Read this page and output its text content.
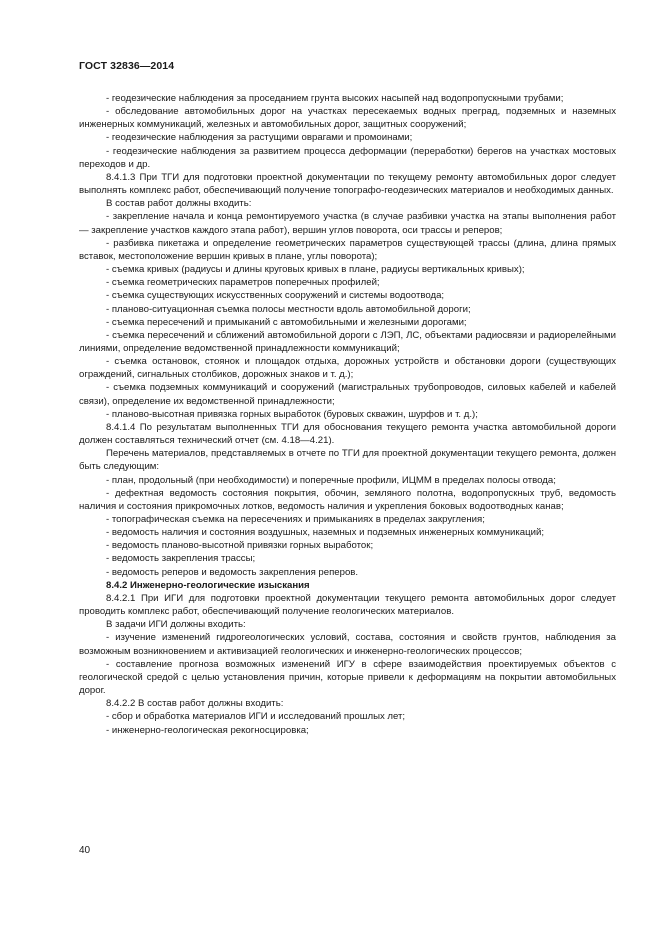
ГОСТ 32836—2014

- геодезические наблюдения за проседанием грунта высоких насыпей над водопропускными трубами;

- обследование автомобильных дорог на участках пересекаемых водных преград, подземных и наземных инженерных коммуникаций, железных и автомобильных дорог, защитных сооружений;

- геодезические наблюдения за растущими оврагами и промоинами;

- геодезические наблюдения за развитием процесса деформации (переработки) берегов на участках мостовых переходов и др.

8.4.1.3 При ТГИ для подготовки проектной документации по текущему ремонту автомобильных дорог следует выполнять комплекс работ, обеспечивающий получение топографо-геодезических материалов и необходимых данных.

В состав работ должны входить:

- закрепление начала и конца ремонтируемого участка (в случае разбивки участка на этапы выполнения работ — закрепление участков каждого этапа работ), вершин углов поворота, оси трассы и реперов;

- разбивка пикетажа и определение геометрических параметров существующей трассы (длина, длина прямых вставок, местоположение вершин кривых в плане, углы поворота);

- съемка кривых (радиусы и длины круговых кривых в плане, радиусы вертикальных кривых);

- съемка геометрических параметров поперечных профилей;

- съемка существующих искусственных сооружений и системы водоотвода;

- планово-ситуационная съемка полосы местности вдоль автомобильной дороги;

- съемка пересечений и примыканий с автомобильными и железными дорогами;

- съемка пересечений и сближений автомобильной дороги с ЛЭП, ЛС, объектами радиосвязи и радиорелейными линиями, определение ведомственной принадлежности коммуникаций;

- съемка остановок, стоянок и площадок отдыха, дорожных устройств и обстановки дороги (существующих ограждений, сигнальных столбиков, дорожных знаков и т. д.);

- съемка подземных коммуникаций и сооружений (магистральных трубопроводов, силовых кабелей и кабелей связи), определение их ведомственной принадлежности;

- планово-высотная привязка горных выработок (буровых скважин, шурфов и т. д.);

8.4.1.4 По результатам выполненных ТГИ для обоснования текущего ремонта участка автомобильной дороги должен составляться технический отчет (см. 4.18—4.21).

Перечень материалов, представляемых в отчете по ТГИ для проектной документации текущего ремонта, должен быть следующим:

- план, продольный (при необходимости) и поперечные профили, ИЦММ в пределах полосы отвода;

- дефектная ведомость состояния покрытия, обочин, земляного полотна, водопропускных труб, ведомость наличия и состояния прикромочных лотков, ведомость наличия и укрепления боковых водоотводных канав;

- топографическая съемка на пересечениях и примыканиях в пределах закругления;

- ведомость наличия и состояния воздушных, наземных и подземных инженерных коммуникаций;

- ведомость планово-высотной привязки горных выработок;

- ведомость закрепления трассы;

- ведомость реперов и ведомость закрепления реперов.

8.4.2 Инженерно-геологические изыскания

8.4.2.1 При ИГИ для подготовки проектной документации текущего ремонта автомобильных дорог следует проводить комплекс работ, обеспечивающий получение геологических материалов.

В задачи ИГИ должны входить:

- изучение изменений гидрогеологических условий, состава, состояния и свойств грунтов, наблюдения за возможным возникновением и активизацией геологических и инженерно-геологических процессов;

- составление прогноза возможных изменений ИГУ в сфере взаимодействия проектируемых объектов с геологической средой с целью установления причин, которые привели к деформациям на покрытии автомобильных дорог.

8.4.2.2 В состав работ должны входить:

- сбор и обработка материалов ИГИ и исследований прошлых лет;

- инженерно-геологическая рекогносцировка;

40
